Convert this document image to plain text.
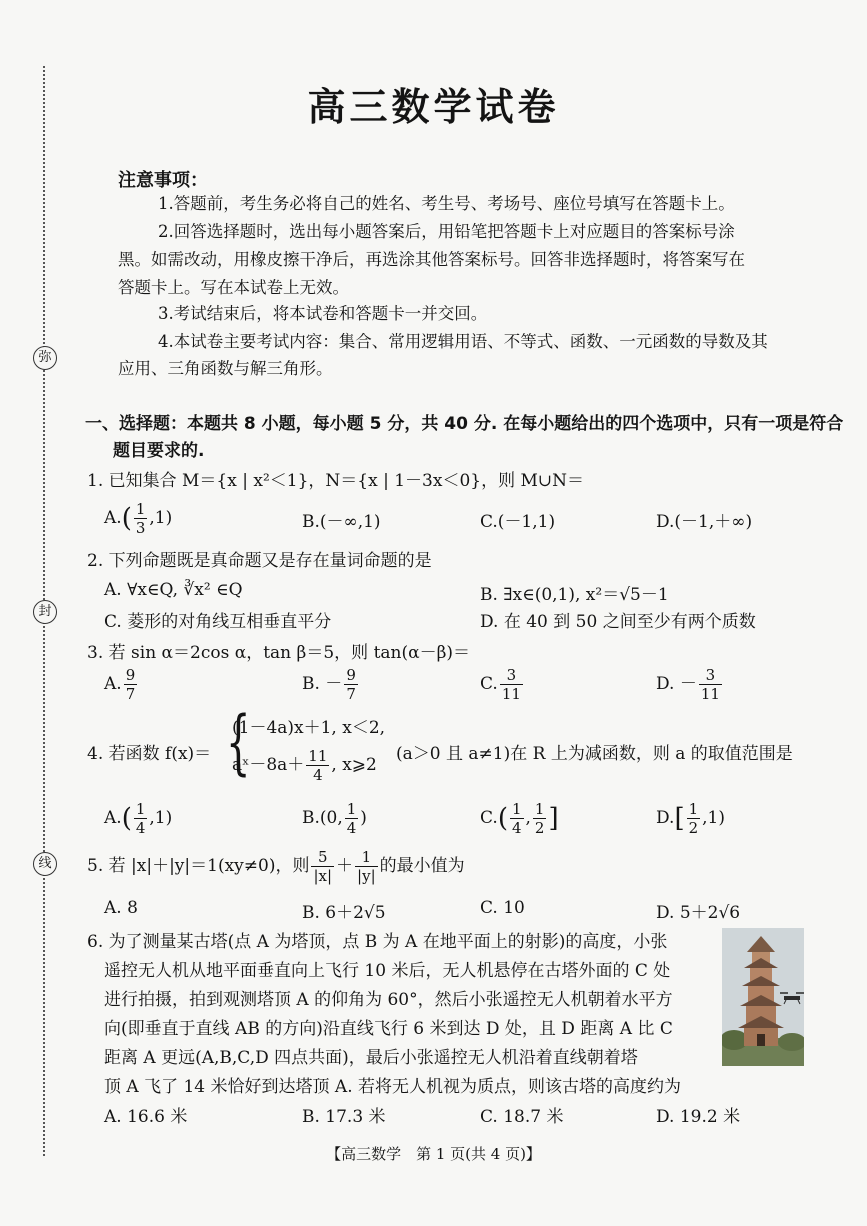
弥
封
线
高三数学试卷
注意事项：
1.答题前，考生务必将自己的姓名、考生号、考场号、座位号填写在答题卡上。
2.回答选择题时，选出每小题答案后，用铅笔把答题卡上对应题目的答案标号涂
黑。如需改动，用橡皮擦干净后，再选涂其他答案标号。回答非选择题时，将答案写在
答题卡上。写在本试卷上无效。
3.考试结束后，将本试卷和答题卡一并交回。
4.本试卷主要考试内容：集合、常用逻辑用语、不等式、函数、一元函数的导数及其
应用、三角函数与解三角形。
一、选择题：本题共 8 小题，每小题 5 分，共 40 分. 在每小题给出的四个选项中，只有一项是符合
题目要求的.
1. 已知集合 M＝{x | x²＜1}，N＝{x | 1－3x＜0}，则 M∪N＝
$A.( \frac{1}{3} ,1)$	B.(－∞,1)	C.(－1,1)	D.(－1,＋∞)
2. 下列命题既是真命题又是存在量词命题的是
A. ∀x∈Q, ∛x² ∈Q	B. ∃x∈(0,1), x²＝√5－1
C. 菱形的对角线互相垂直平分	D. 在 40 到 50 之间至少有两个质数
3. 若 sin α＝2cos α，tan β＝5，则 tan(α－β)＝
A. $\frac{9}{7}$	B. － $\frac{9}{7}$	C. $\frac{3}{11}$	D. － $\frac{3}{11}$
4. 若函数 f(x)＝ {
(1－4a)x＋1, x＜2,
aˣ－8a＋ $\frac{11}{4}$ , x⩾2
(a＞0 且 a≠1)在 R 上为减函数，则 a 的取值范围是
$A.( \frac{1}{4} ,1)$	B.(0, $\frac{1}{4}$ )	$C.( \frac{1}{4}$ , $\frac{1}{2}$ ]	$D.[ \frac{1}{2} ,1)$
5. 若 |x|＋|y|＝1(xy≠0)，则 $\frac{5}{|x|} + \frac{1}{|y|}$ 的最小值为
A. 8	B. 6＋2√5	C. 10	D. 5＋2√6
6. 为了测量某古塔(点 A 为塔顶，点 B 为 A 在地平面上的射影)的高度，小张
遥控无人机从地平面垂直向上飞行 10 米后，无人机悬停在古塔外面的 C 处
进行拍摄，拍到观测塔顶 A 的仰角为 60°，然后小张遥控无人机朝着水平方
向(即垂直于直线 AB 的方向)沿直线飞行 6 米到达 D 处，且 D 距离 A 比 C
距离 A 更远(A,B,C,D 四点共面)，最后小张遥控无人机沿着直线朝着塔
顶 A 飞了 14 米恰好到达塔顶 A. 若将无人机视为质点，则该古塔的高度约为
A. 16.6 米	B. 17.3 米	C. 18.7 米	D. 19.2 米
【高三数学　第 1 页(共 4 页)】
